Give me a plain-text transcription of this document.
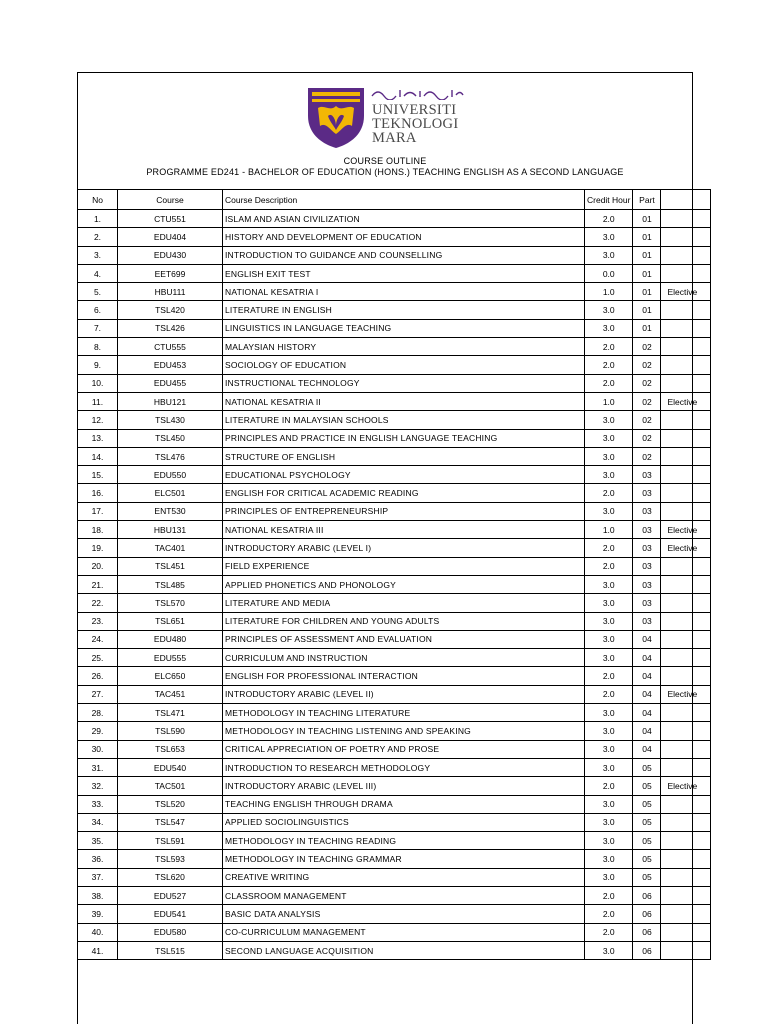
UNIVERSITI
TEKNOLOGI
MARA
COURSE OUTLINE
PROGRAMME ED241 - BACHELOR OF EDUCATION (HONS.) TEACHING ENGLISH AS A SECOND LANGUAGE
No	Course	Course Description	Credit Hour	Part	
1.	CTU551	ISLAM AND ASIAN CIVILIZATION	2.0	01	
2.	EDU404	HISTORY AND DEVELOPMENT OF EDUCATION	3.0	01	
3.	EDU430	INTRODUCTION TO GUIDANCE AND COUNSELLING	3.0	01	
4.	EET699	ENGLISH EXIT TEST	0.0	01	
5.	HBU111	NATIONAL KESATRIA I	1.0	01	Elective
6.	TSL420	LITERATURE IN ENGLISH	3.0	01	
7.	TSL426	LINGUISTICS IN LANGUAGE TEACHING	3.0	01	
8.	CTU555	MALAYSIAN HISTORY	2.0	02	
9.	EDU453	SOCIOLOGY OF EDUCATION	2.0	02	
10.	EDU455	INSTRUCTIONAL TECHNOLOGY	2.0	02	
11.	HBU121	NATIONAL KESATRIA II	1.0	02	Elective
12.	TSL430	LITERATURE IN MALAYSIAN SCHOOLS	3.0	02	
13.	TSL450	PRINCIPLES AND PRACTICE IN ENGLISH LANGUAGE TEACHING	3.0	02	
14.	TSL476	STRUCTURE OF ENGLISH	3.0	02	
15.	EDU550	EDUCATIONAL PSYCHOLOGY	3.0	03	
16.	ELC501	ENGLISH FOR CRITICAL ACADEMIC READING	2.0	03	
17.	ENT530	PRINCIPLES OF ENTREPRENEURSHIP	3.0	03	
18.	HBU131	NATIONAL KESATRIA III	1.0	03	Elective
19.	TAC401	INTRODUCTORY ARABIC (LEVEL I)	2.0	03	Elective
20.	TSL451	FIELD EXPERIENCE	2.0	03	
21.	TSL485	APPLIED PHONETICS AND PHONOLOGY	3.0	03	
22.	TSL570	LITERATURE AND MEDIA	3.0	03	
23.	TSL651	LITERATURE FOR CHILDREN AND YOUNG ADULTS	3.0	03	
24.	EDU480	PRINCIPLES OF ASSESSMENT AND EVALUATION	3.0	04	
25.	EDU555	CURRICULUM AND INSTRUCTION	3.0	04	
26.	ELC650	ENGLISH FOR PROFESSIONAL INTERACTION	2.0	04	
27.	TAC451	INTRODUCTORY ARABIC (LEVEL II)	2.0	04	Elective
28.	TSL471	METHODOLOGY IN TEACHING LITERATURE	3.0	04	
29.	TSL590	METHODOLOGY IN TEACHING LISTENING AND SPEAKING	3.0	04	
30.	TSL653	CRITICAL APPRECIATION OF POETRY AND PROSE	3.0	04	
31.	EDU540	INTRODUCTION TO RESEARCH METHODOLOGY	3.0	05	
32.	TAC501	INTRODUCTORY ARABIC (LEVEL III)	2.0	05	Elective
33.	TSL520	TEACHING ENGLISH THROUGH DRAMA	3.0	05	
34.	TSL547	APPLIED SOCIOLINGUISTICS	3.0	05	
35.	TSL591	METHODOLOGY IN TEACHING READING	3.0	05	
36.	TSL593	METHODOLOGY IN TEACHING GRAMMAR	3.0	05	
37.	TSL620	CREATIVE WRITING	3.0	05	
38.	EDU527	CLASSROOM MANAGEMENT	2.0	06	
39.	EDU541	BASIC DATA ANALYSIS	2.0	06	
40.	EDU580	CO-CURRICULUM MANAGEMENT	2.0	06	
41.	TSL515	SECOND LANGUAGE ACQUISITION	3.0	06	
